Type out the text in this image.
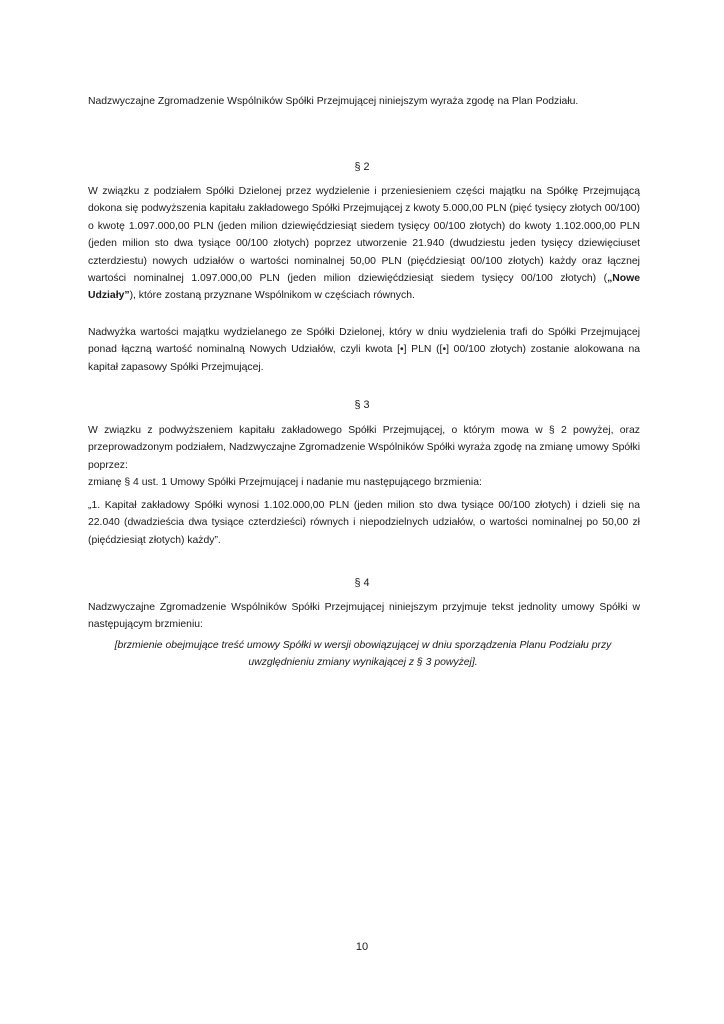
Nadzwyczajne Zgromadzenie Wspólników Spółki Przejmującej niniejszym wyraża zgodę na Plan Podziału.

§ 2

W związku z podziałem Spółki Dzielonej przez wydzielenie i przeniesieniem części majątku na Spółkę Przejmującą dokona się podwyższenia kapitału zakładowego Spółki Przejmującej z kwoty 5.000,00 PLN (pięć tysięcy złotych 00/100) o kwotę 1.097.000,00 PLN (jeden milion dziewięćdziesiąt siedem tysięcy 00/100 złotych) do kwoty 1.102.000,00 PLN (jeden milion sto dwa tysiące 00/100 złotych) poprzez utworzenie 21.940 (dwudziestu jeden tysięcy dziewięciuset czterdziestu) nowych udziałów o wartości nominalnej 50,00 PLN (pięćdziesiąt 00/100 złotych) każdy oraz łącznej wartości nominalnej 1.097.000,00 PLN (jeden milion dziewięćdziesiąt siedem tysięcy 00/100 złotych) („Nowe Udziały”), które zostaną przyznane Wspólnikom w częściach równych.

Nadwyżka wartości majątku wydzielanego ze Spółki Dzielonej, który w dniu wydzielenia trafi do Spółki Przejmującej ponad łączną wartość nominalną Nowych Udziałów, czyli kwota [•] PLN ([•] 00/100 złotych) zostanie alokowana na kapitał zapasowy Spółki Przejmującej.

§ 3

W związku z podwyższeniem kapitału zakładowego Spółki Przejmującej, o którym mowa w § 2 powyżej, oraz przeprowadzonym podziałem, Nadzwyczajne Zgromadzenie Wspólników Spółki wyraża zgodę na zmianę umowy Spółki poprzez:

zmianę § 4 ust. 1 Umowy Spółki Przejmującej i nadanie mu następującego brzmienia:

„1. Kapitał zakładowy Spółki wynosi 1.102.000,00 PLN (jeden milion sto dwa tysiące 00/100 złotych) i dzieli się na 22.040 (dwadzieścia dwa tysiące czterdzieści) równych i niepodzielnych udziałów, o wartości nominalnej po 50,00 zł (pięćdziesiąt złotych) każdy”.

§ 4

Nadzwyczajne Zgromadzenie Wspólników Spółki Przejmującej niniejszym przyjmuje tekst jednolity umowy Spółki w następującym brzmieniu:

[brzmienie obejmujące treść umowy Spółki w wersji obowiązującej w dniu sporządzenia Planu Podziału przy uwzględnieniu zmiany wynikającej z § 3 powyżej].

10
